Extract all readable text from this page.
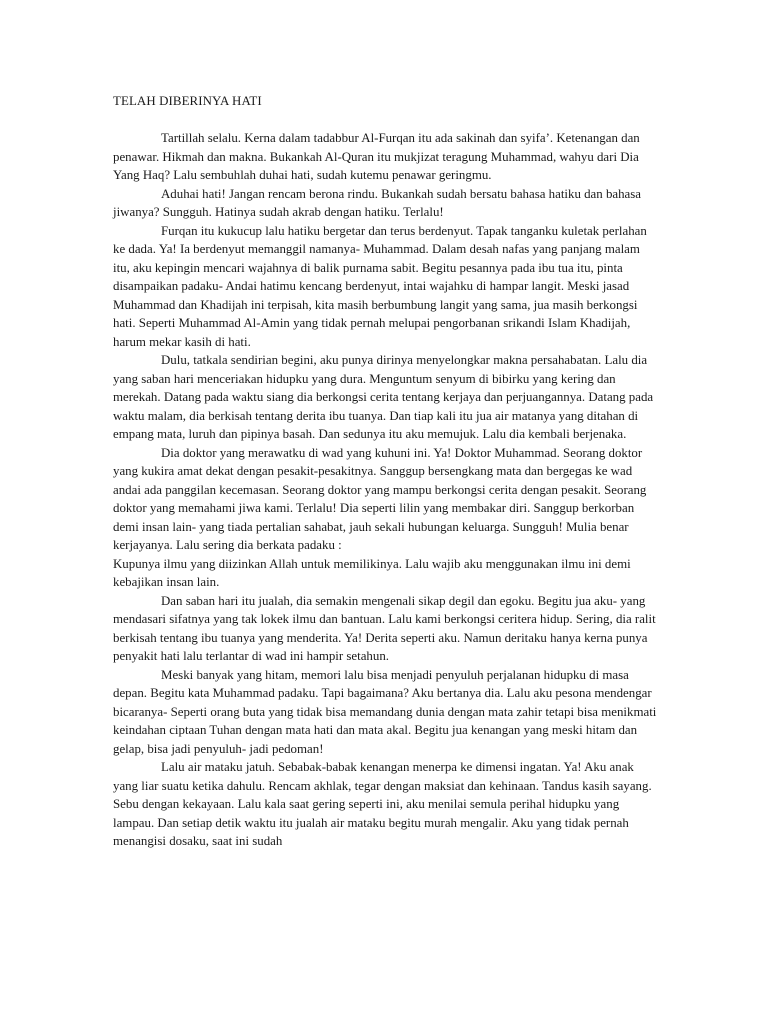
TELAH DIBERINYA HATI

Tartillah selalu. Kerna dalam tadabbur Al-Furqan itu ada sakinah dan syifa’. Ketenangan dan penawar. Hikmah dan makna. Bukankah Al-Quran itu mukjizat teragung Muhammad, wahyu dari Dia Yang Haq? Lalu sembuhlah duhai hati, sudah kutemu penawar geringmu.

Aduhai hati! Jangan rencam berona rindu. Bukankah sudah bersatu bahasa hatiku dan bahasa jiwanya? Sungguh. Hatinya sudah akrab dengan hatiku. Terlalu!

Furqan itu kukucup lalu hatiku bergetar dan terus berdenyut. Tapak tanganku kuletak perlahan ke dada. Ya! Ia berdenyut memanggil namanya- Muhammad. Dalam desah nafas yang panjang malam itu, aku kepingin mencari wajahnya di balik purnama sabit. Begitu pesannya pada ibu tua itu, pinta disampaikan padaku- Andai hatimu kencang berdenyut, intai wajahku di hampar langit. Meski jasad Muhammad dan Khadijah ini terpisah, kita masih berbumbung langit yang sama, jua masih berkongsi hati. Seperti Muhammad Al-Amin yang tidak pernah melupai pengorbanan srikandi Islam Khadijah, harum mekar kasih di hati.

Dulu, tatkala sendirian begini, aku punya dirinya menyelongkar makna persahabatan. Lalu dia yang saban hari menceriakan hidupku yang dura. Menguntum senyum di bibirku yang kering dan merekah. Datang pada waktu siang dia berkongsi cerita tentang kerjaya dan perjuangannya. Datang pada waktu malam, dia berkisah tentang derita ibu tuanya. Dan tiap kali itu jua air matanya yang ditahan di empang mata, luruh dan pipinya basah. Dan sedunya itu aku memujuk. Lalu dia kembali berjenaka.

Dia doktor yang merawatku di wad yang kuhuni ini. Ya! Doktor Muhammad. Seorang doktor yang kukira amat dekat dengan pesakit-pesakitnya. Sanggup bersengkang mata dan bergegas ke wad andai ada panggilan kecemasan. Seorang doktor yang mampu berkongsi cerita dengan pesakit. Seorang doktor yang memahami jiwa kami. Terlalu! Dia seperti lilin yang membakar diri. Sanggup berkorban demi insan lain- yang tiada pertalian sahabat, jauh sekali hubungan keluarga. Sungguh! Mulia benar kerjayanya. Lalu sering dia berkata padaku :

Kupunya ilmu yang diizinkan Allah untuk memilikinya. Lalu wajib aku menggunakan ilmu ini demi kebajikan insan lain.

Dan saban hari itu jualah, dia semakin mengenali sikap degil dan egoku. Begitu jua aku- yang mendasari sifatnya yang tak lokek ilmu dan bantuan. Lalu kami berkongsi ceritera hidup. Sering, dia ralit berkisah tentang ibu tuanya yang menderita. Ya! Derita seperti aku. Namun deritaku hanya kerna punya penyakit hati lalu terlantar di wad ini hampir setahun.

Meski banyak yang hitam, memori lalu bisa menjadi penyuluh perjalanan hidupku di masa depan. Begitu kata Muhammad padaku. Tapi bagaimana? Aku bertanya dia. Lalu aku pesona mendengar bicaranya- Seperti orang buta yang tidak bisa memandang dunia dengan mata zahir tetapi bisa menikmati keindahan ciptaan Tuhan dengan mata hati dan mata akal. Begitu jua kenangan yang meski hitam dan gelap, bisa jadi penyuluh- jadi pedoman!

Lalu air mataku jatuh. Sebabak-babak kenangan menerpa ke dimensi ingatan. Ya! Aku anak yang liar suatu ketika dahulu. Rencam akhlak, tegar dengan maksiat dan kehinaan. Tandus kasih sayang. Sebu dengan kekayaan. Lalu kala saat gering seperti ini, aku menilai semula perihal hidupku yang lampau. Dan setiap detik waktu itu jualah air mataku begitu murah mengalir. Aku yang tidak pernah menangisi dosaku, saat ini sudah
